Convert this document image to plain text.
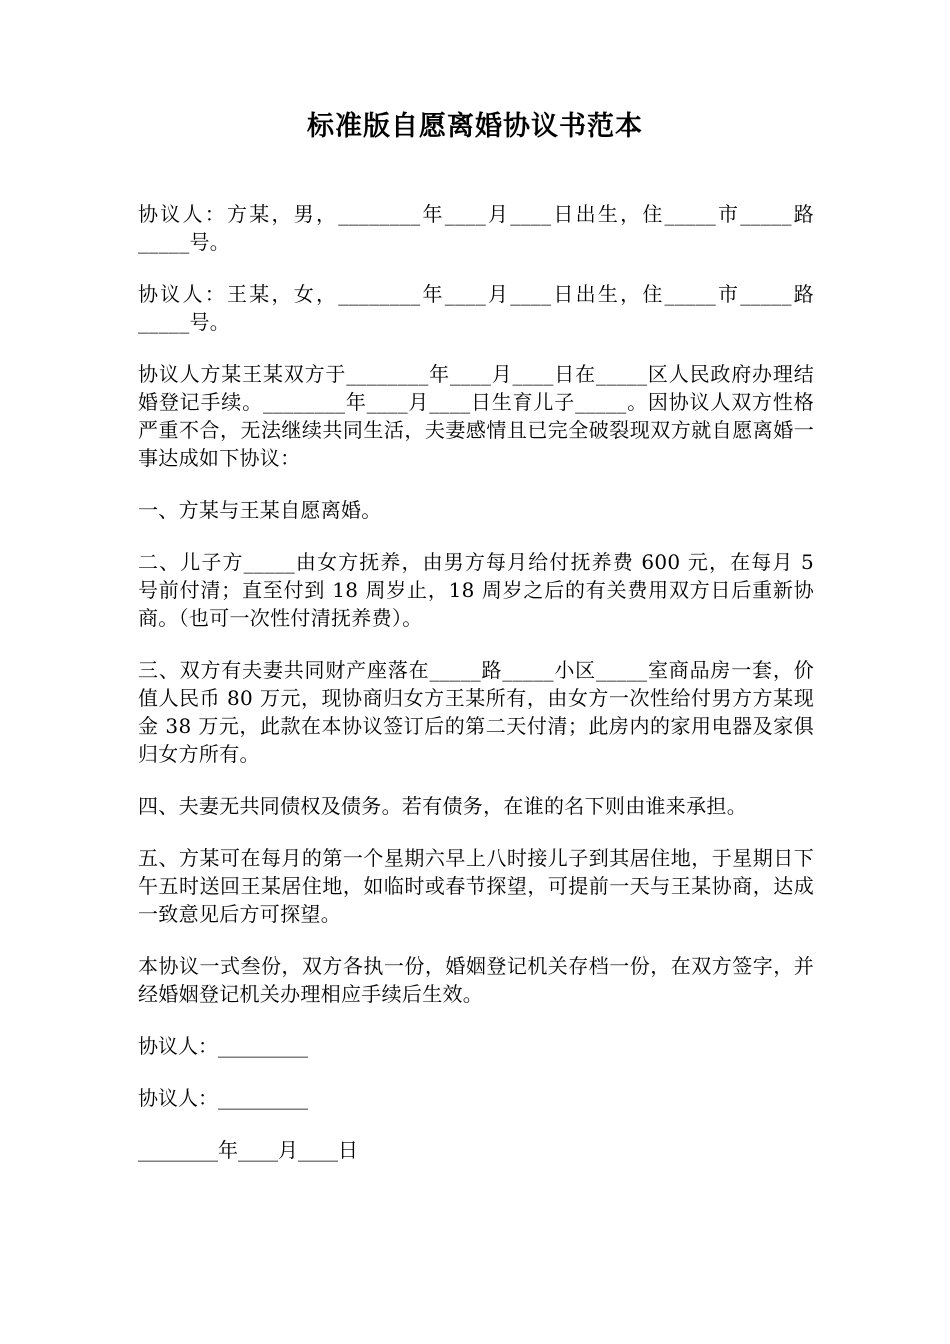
标准版自愿离婚协议书范本

协议人：方某，男，________年____月____日出生，住_____市_____路_____号。

协议人：王某，女，________年____月____日出生，住_____市_____路_____号。

协议人方某王某双方于________年____月____日在_____区人民政府办理结婚登记手续。________年____月____日生育儿子_____。因协议人双方性格严重不合，无法继续共同生活，夫妻感情且已完全破裂现双方就自愿离婚一事达成如下协议：

一、方某与王某自愿离婚。

二、儿子方_____由女方抚养，由男方每月给付抚养费 600 元，在每月 5 号前付清；直至付到 18 周岁止，18 周岁之后的有关费用双方日后重新协商。（也可一次性付清抚养费）。

三、双方有夫妻共同财产座落在_____路_____小区_____室商品房一套，价值人民币 80 万元，现协商归女方王某所有，由女方一次性给付男方方某现金 38 万元，此款在本协议签订后的第二天付清；此房内的家用电器及家俱归女方所有。

四、夫妻无共同债权及债务。若有债务，在谁的名下则由谁来承担。

五、方某可在每月的第一个星期六早上八时接儿子到其居住地，于星期日下午五时送回王某居住地，如临时或春节探望，可提前一天与王某协商，达成一致意见后方可探望。

本协议一式叁份，双方各执一份，婚姻登记机关存档一份，在双方签字，并经婚姻登记机关办理相应手续后生效。

协议人：_________

协议人：_________

________年____月____日
